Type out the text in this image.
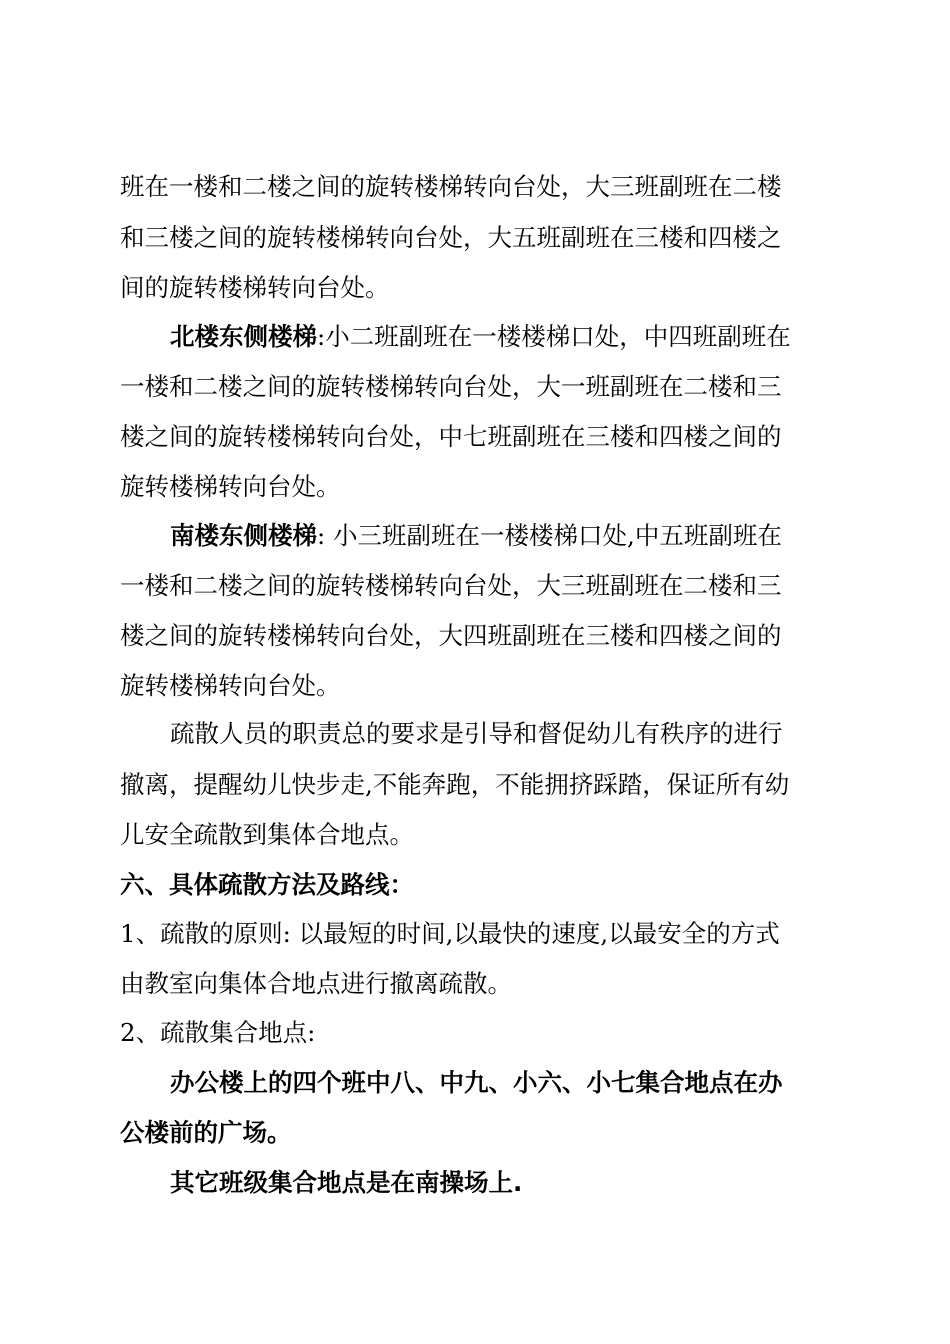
班在一楼和二楼之间的旋转楼梯转向台处，大三班副班在二楼

和三楼之间的旋转楼梯转向台处，大五班副班在三楼和四楼之

间的旋转楼梯转向台处。

北楼东侧楼梯:小二班副班在一楼楼梯口处，中四班副班在

一楼和二楼之间的旋转楼梯转向台处，大一班副班在二楼和三

楼之间的旋转楼梯转向台处，中七班副班在三楼和四楼之间的

旋转楼梯转向台处。

南楼东侧楼梯: 小三班副班在一楼楼梯口处,中五班副班在

一楼和二楼之间的旋转楼梯转向台处，大三班副班在二楼和三

楼之间的旋转楼梯转向台处，大四班副班在三楼和四楼之间的

旋转楼梯转向台处。

疏散人员的职责总的要求是引导和督促幼儿有秩序的进行

撤离，提醒幼儿快步走,不能奔跑，不能拥挤踩踏，保证所有幼

儿安全疏散到集体合地点。

六、具体疏散方法及路线：

1、疏散的原则: 以最短的时间,以最快的速度,以最安全的方式

由教室向集体合地点进行撤离疏散。

2、疏散集合地点:

办公楼上的四个班中八、中九、小六、小七集合地点在办

公楼前的广场。

其它班级集合地点是在南操场上.
